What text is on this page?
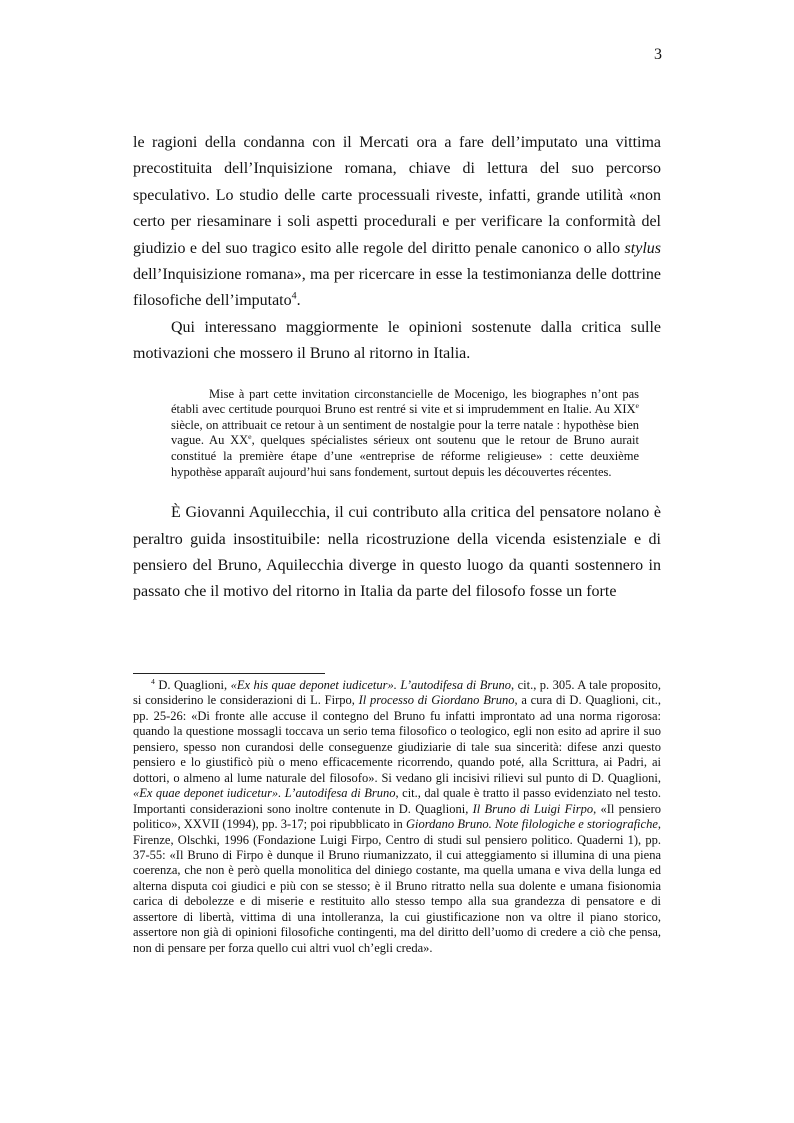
3

le ragioni della condanna con il Mercati ora a fare dell’imputato una vittima precostituita dell’Inquisizione romana, chiave di lettura del suo percorso speculativo. Lo studio delle carte processuali riveste, infatti, grande utilità «non certo per riesaminare i soli aspetti procedurali e per verificare la conformità del giudizio e del suo tragico esito alle regole del diritto penale canonico o allo stylus dell’Inquisizione romana», ma per ricercare in esse la testimonianza delle dottrine filosofiche dell’imputato$^4$.

Qui interessano maggiormente le opinioni sostenute dalla critica sulle motivazioni che mossero il Bruno al ritorno in Italia.

Mise à part cette invitation circonstancielle de Mocenigo, les biographes n’ont pas établi avec certitude pourquoi Bruno est rentré si vite et si imprudemment en Italie. Au XIXe siècle, on attribuait ce retour à un sentiment de nostalgie pour la terre natale : hypothèse bien vague. Au XXe, quelques spécialistes sérieux ont soutenu que le retour de Bruno aurait constitué la première étape d’une «entreprise de réforme religieuse» : cette deuxième hypothèse apparaît aujourd’hui sans fondement, surtout depuis les découvertes récentes.

È Giovanni Aquilecchia, il cui contributo alla critica del pensatore nolano è peraltro guida insostituibile: nella ricostruzione della vicenda esistenziale e di pensiero del Bruno, Aquilecchia diverge in questo luogo da quanti sostennero in passato che il motivo del ritorno in Italia da parte del filosofo fosse un forte

$^4$ D. Quaglioni, «Ex his quae deponet iudicetur». L’autodifesa di Bruno, cit., p. 305. A tale proposito, si considerino le considerazioni di L. Firpo, Il processo di Giordano Bruno, a cura di D. Quaglioni, cit., pp. 25-26: «Di fronte alle accuse il contegno del Bruno fu infatti improntato ad una norma rigorosa: quando la questione mossagli toccava un serio tema filosofico o teologico, egli non esito ad aprire il suo pensiero, spesso non curandosi delle conseguenze giudiziarie di tale sua sincerità: difese anzi questo pensiero e lo giustificò più o meno efficacemente ricorrendo, quando poté, alla Scrittura, ai Padri, ai dottori, o almeno al lume naturale del filosofo». Si vedano gli incisivi rilievi sul punto di D. Quaglioni, «Ex quae deponet iudicetur». L’autodifesa di Bruno, cit., dal quale è tratto il passo evidenziato nel testo. Importanti considerazioni sono inoltre contenute in D. Quaglioni, Il Bruno di Luigi Firpo, «Il pensiero politico», XXVII (1994), pp. 3-17; poi ripubblicato in Giordano Bruno. Note filologiche e storiografiche, Firenze, Olschki, 1996 (Fondazione Luigi Firpo, Centro di studi sul pensiero politico. Quaderni 1), pp. 37-55: «Il Bruno di Firpo è dunque il Bruno riumanizzato, il cui atteggiamento si illumina di una piena coerenza, che non è però quella monolitica del diniego costante, ma quella umana e viva della lunga ed alterna disputa coi giudici e più con se stesso; è il Bruno ritratto nella sua dolente e umana fisionomia carica di debolezze e di miserie e restituito allo stesso tempo alla sua grandezza di pensatore e di assertore di libertà, vittima di una intolleranza, la cui giustificazione non va oltre il piano storico, assertore non già di opinioni filosofiche contingenti, ma del diritto dell’uomo di credere a ciò che pensa, non di pensare per forza quello cui altri vuol ch’egli creda».
